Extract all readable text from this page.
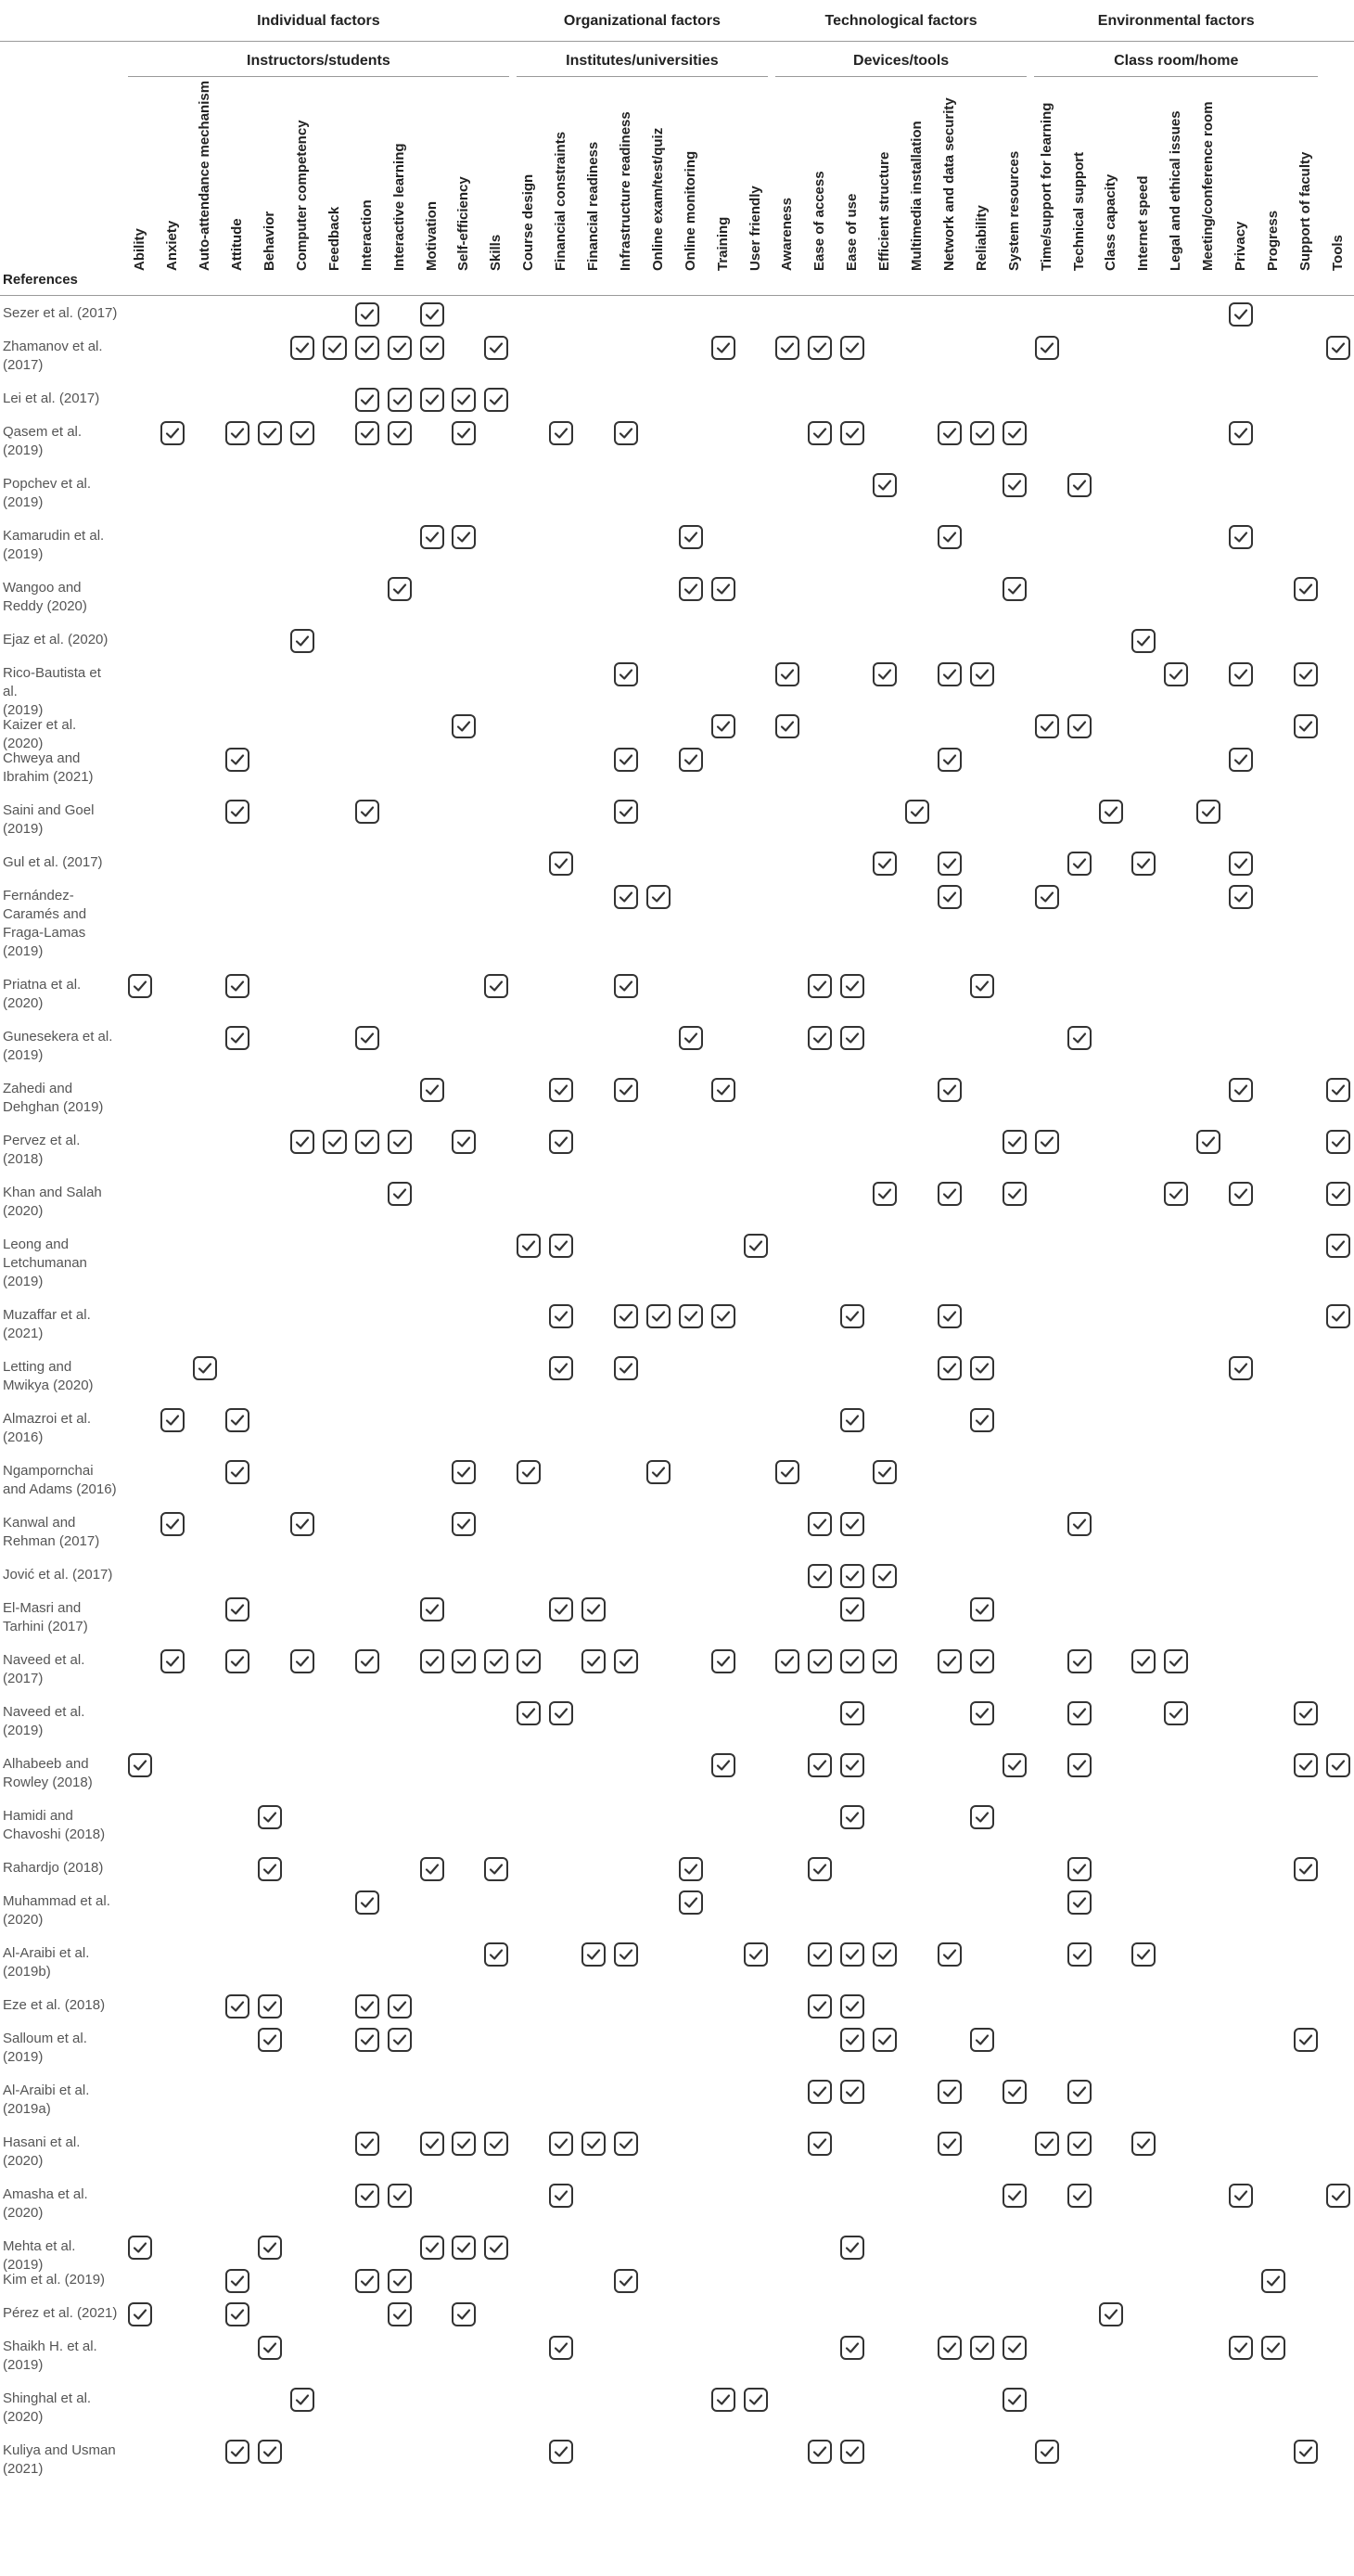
Individual factors
Instructors/students
Organizational factors
Institutes/universities
Technological factors
Devices/tools
Environmental factors
Class room/home
References
Ability Anxiety Auto-attendance mechanism Attitude Behavior Computer competency Feedback Interaction Interactive learning Motivation Self-efficiency Skills Course design Financial constraints Financial readiness Infrastructure readiness Online exam/test/quiz Online monitoring Training User friendly Awareness Ease of access Ease of use Efficient structure Multimedia installation Network and data security Reliability System resources Time/support for learning Technical support Class capacity Internet speed Legal and ethical issues Meeting/conference room Privacy Progress Support of faculty Tools
Sezer et al. (2017)
Zhamanov et al.
(2017)
Lei et al. (2017)
Qasem et al.
(2019)
Popchev et al.
(2019)
Kamarudin et al.
(2019)
Wangoo and
Reddy (2020)
Ejaz et al. (2020)
Rico-Bautista et al.
(2019)
Kaizer et al. (2020)
Chweya and
Ibrahim (2021)
Saini and Goel
(2019)
Gul et al. (2017)
Fernández-
Caramés and
Fraga-Lamas
(2019)
Priatna et al.
(2020)
Gunesekera et al.
(2019)
Zahedi and
Dehghan (2019)
Pervez et al.
(2018)
Khan and Salah
(2020)
Leong and
Letchumanan
(2019)
Muzaffar et al.
(2021)
Letting and
Mwikya (2020)
Almazroi et al.
(2016)
Ngampornchai
and Adams (2016)
Kanwal and
Rehman (2017)
Jović et al. (2017)
El-Masri and
Tarhini (2017)
Naveed et al.
(2017)
Naveed et al.
(2019)
Alhabeeb and
Rowley (2018)
Hamidi and
Chavoshi (2018)
Rahardjo (2018)
Muhammad et al.
(2020)
Al-Araibi et al.
(2019b)
Eze et al. (2018)
Salloum et al.
(2019)
Al-Araibi et al.
(2019a)
Hasani et al.
(2020)
Amasha et al.
(2020)
Mehta et al. (2019)
Kim et al. (2019)
Pérez et al. (2021)
Shaikh H. et al.
(2019)
Shinghal et al.
(2020)
Kuliya and Usman
(2021)
